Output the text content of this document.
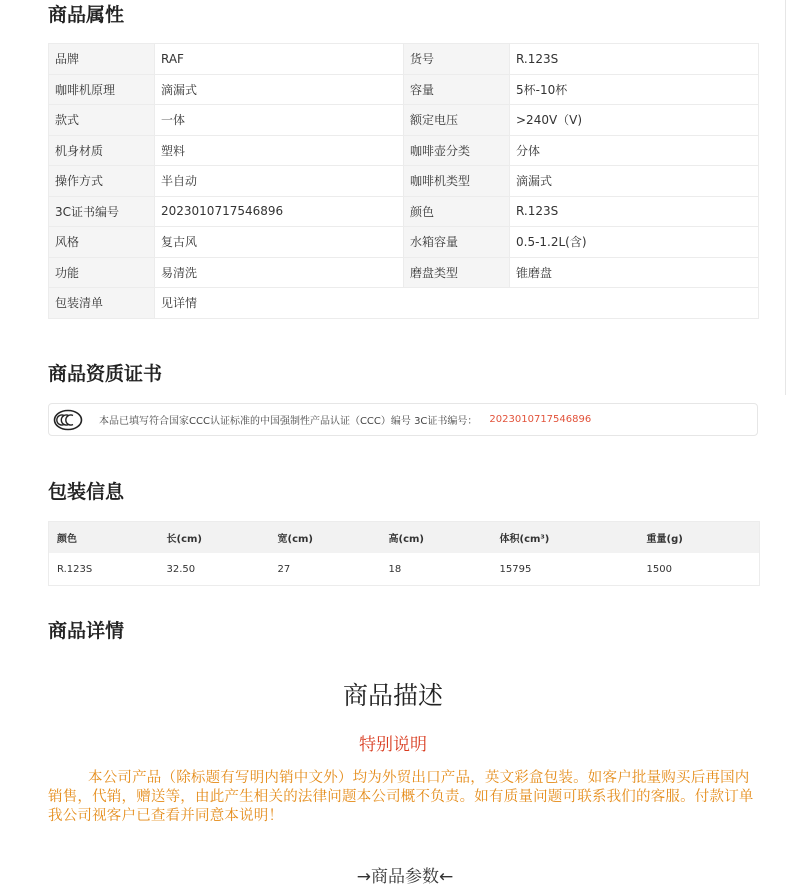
商品属性
品牌	RAF	货号	R.123S
咖啡机原理	滴漏式	容量	5杯-10杯
款式	一体	额定电压	>240V（V)
机身材质	塑料	咖啡壶分类	分体
操作方式	半自动	咖啡机类型	滴漏式
3C证书编号	2023010717546896	颜色	R.123S
风格	复古风	水箱容量	0.5-1.2L(含)
功能	易清洗	磨盘类型	锥磨盘
包装清单	见详情		
商品资质证书
本品已填写符合国家CCC认证标准的中国强制性产品认证（CCC）编号 3C证书编号： 2023010717546896
包装信息
颜色	长(cm)	宽(cm)	高(cm)	体积(cm³)	重量(g)
R.123S	32.50	27	18	15795	1500
商品详情
商品描述
特别说明
本公司产品（除标题有写明内销中文外）均为外贸出口产品，英文彩盒包装。如客户批量购买后再国内销售，代销，赠送等，由此产生相关的法律问题本公司概不负责。如有质量问题可联系我们的客服。付款订单我公司视客户已查看并同意本说明！
→商品参数←
